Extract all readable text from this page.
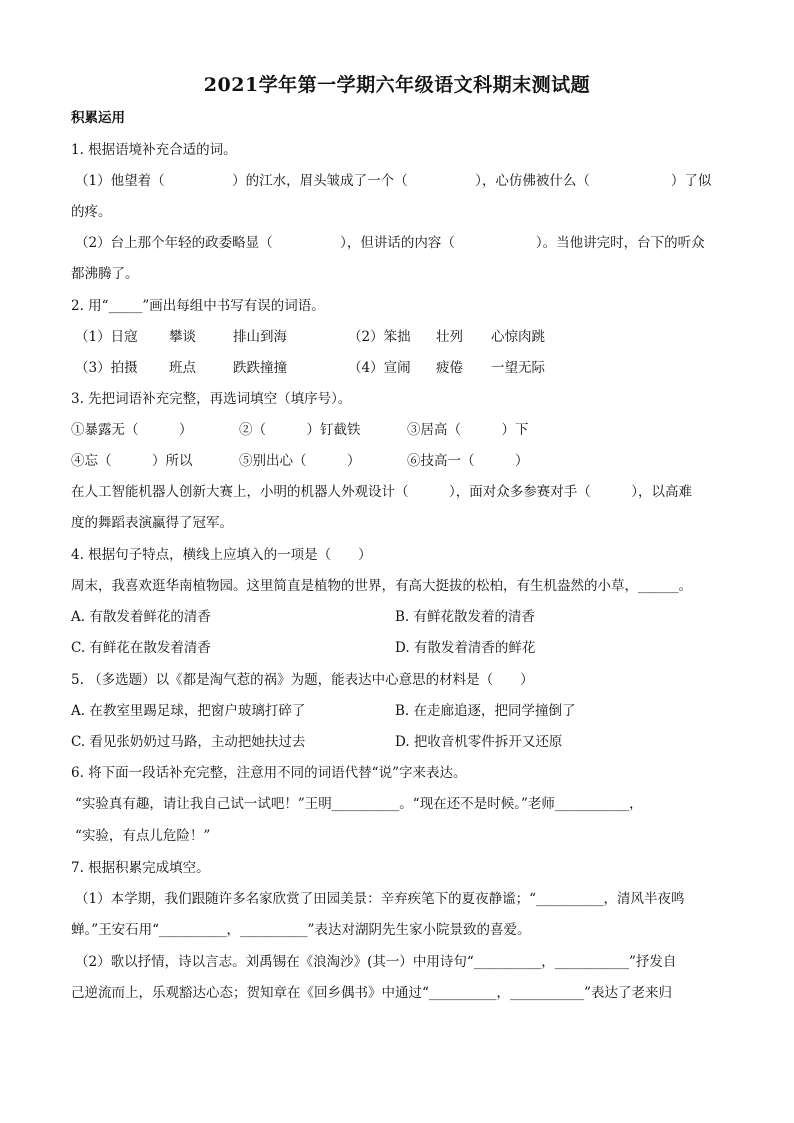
2021学年第一学期六年级语文科期末测试题
积累运用
1. 根据语境补充合适的词。
（1）他望着（　　　　　）的江水，眉头皱成了一个（　　　　　），心仿佛被什么（　　　　　　）了似
的疼。
（2）台上那个年轻的政委略显（　　　　　），但讲话的内容（　　　　　　）。当他讲完时，台下的听众
都沸腾了。
2. 用“_____”画出每组中书写有误的词语。
（1）日寇 攀谈	排山到海	（2）笨拙 壮列 心惊肉跳
（3）拍摄 班点	跌跌撞撞	（4）宣闹 疲倦 一望无际
3. 先把词语补充完整，再选词填空（填序号）。
①暴露无（　　　）	②（　　　）钉截铁	③居高（　　　）下
④忘（　　　）所以	⑤别出心（　　　）	⑥技高一（　　　）
在人工智能机器人创新大赛上，小明的机器人外观设计（　　　），面对众多参赛对手（　　　），以高难
度的舞蹈表演赢得了冠军。
4. 根据句子特点，横线上应填入的一项是（　　）
周末，我喜欢逛华南植物园。这里简直是植物的世界，有高大挺拔的松柏，有生机盎然的小草，______。
A. 有散发着鲜花的清香	B. 有鲜花散发着的清香
C. 有鲜花在散发着清香	D. 有散发着清香的鲜花
5. （多选题）以《都是淘气惹的祸》为题，能表达中心意思的材料是（　　）
A. 在教室里踢足球，把窗户玻璃打碎了	B. 在走廊追逐，把同学撞倒了
C. 看见张奶奶过马路，主动把她扶过去	D. 把收音机零件拆开又还原
6. 将下面一段话补充完整，注意用不同的词语代替“说”字来表达。
“实验真有趣，请让我自己试一试吧！”王明__________。“现在还不是时候。”老师___________，
“实验，有点儿危险！”
7. 根据积累完成填空。
（1）本学期，我们跟随许多名家欣赏了田园美景：辛弃疾笔下的夏夜静谧；“__________，清风半夜鸣
蝉。”王安石用“__________，__________”表达对湖阴先生家小院景致的喜爱。
（2）歌以抒情，诗以言志。刘禹锡在《浪淘沙》(其一）中用诗句“__________，___________”抒发自
己逆流而上，乐观豁达心态；贺知章在《回乡偶书》中通过“__________，___________”表达了老来归
